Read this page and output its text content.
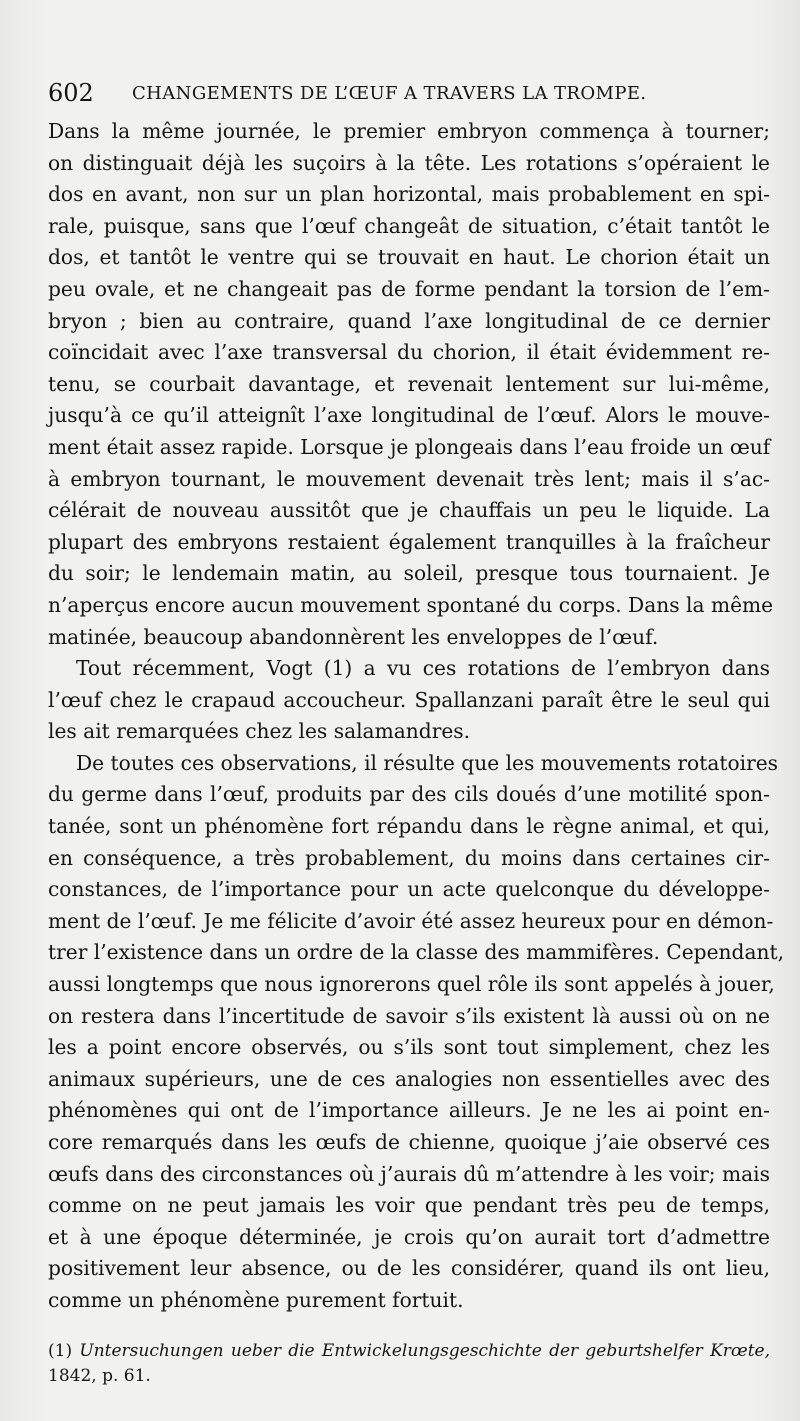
602 CHANGEMENTS DE L’ŒUF A TRAVERS LA TROMPE.
Dans la même journée, le premier embryon commença à tourner;
on distinguait déjà les suçoirs à la tête. Les rotations s’opéraient le
dos en avant, non sur un plan horizontal, mais probablement en spi-
rale, puisque, sans que l’œuf changeât de situation, c’était tantôt le
dos, et tantôt le ventre qui se trouvait en haut. Le chorion était un
peu ovale, et ne changeait pas de forme pendant la torsion de l’em-
bryon ; bien au contraire, quand l’axe longitudinal de ce dernier
coïncidait avec l’axe transversal du chorion, il était évidemment re-
tenu, se courbait davantage, et revenait lentement sur lui-même,
jusqu’à ce qu’il atteignît l’axe longitudinal de l’œuf. Alors le mouve-
ment était assez rapide. Lorsque je plongeais dans l’eau froide un œuf
à embryon tournant, le mouvement devenait très lent; mais il s’ac-
célérait de nouveau aussitôt que je chauffais un peu le liquide. La
plupart des embryons restaient également tranquilles à la fraîcheur
du soir; le lendemain matin, au soleil, presque tous tournaient. Je
n’aperçus encore aucun mouvement spontané du corps. Dans la même
matinée, beaucoup abandonnèrent les enveloppes de l’œuf.
Tout récemment, Vogt (1) a vu ces rotations de l’embryon dans
l’œuf chez le crapaud accoucheur. Spallanzani paraît être le seul qui
les ait remarquées chez les salamandres.
De toutes ces observations, il résulte que les mouvements rotatoires
du germe dans l’œuf, produits par des cils doués d’une motilité spon-
tanée, sont un phénomène fort répandu dans le règne animal, et qui,
en conséquence, a très probablement, du moins dans certaines cir-
constances, de l’importance pour un acte quelconque du développe-
ment de l’œuf. Je me félicite d’avoir été assez heureux pour en démon-
trer l’existence dans un ordre de la classe des mammifères. Cependant,
aussi longtemps que nous ignorerons quel rôle ils sont appelés à jouer,
on restera dans l’incertitude de savoir s’ils existent là aussi où on ne
les a point encore observés, ou s’ils sont tout simplement, chez les
animaux supérieurs, une de ces analogies non essentielles avec des
phénomènes qui ont de l’importance ailleurs. Je ne les ai point en-
core remarqués dans les œufs de chienne, quoique j’aie observé ces
œufs dans des circonstances où j’aurais dû m’attendre à les voir; mais
comme on ne peut jamais les voir que pendant très peu de temps,
et à une époque déterminée, je crois qu’on aurait tort d’admettre
positivement leur absence, ou de les considérer, quand ils ont lieu,
comme un phénomène purement fortuit.
(1) Untersuchungen ueber die Entwickelungsgeschichte der geburtshelfer Krœte,
1842, p. 61.
